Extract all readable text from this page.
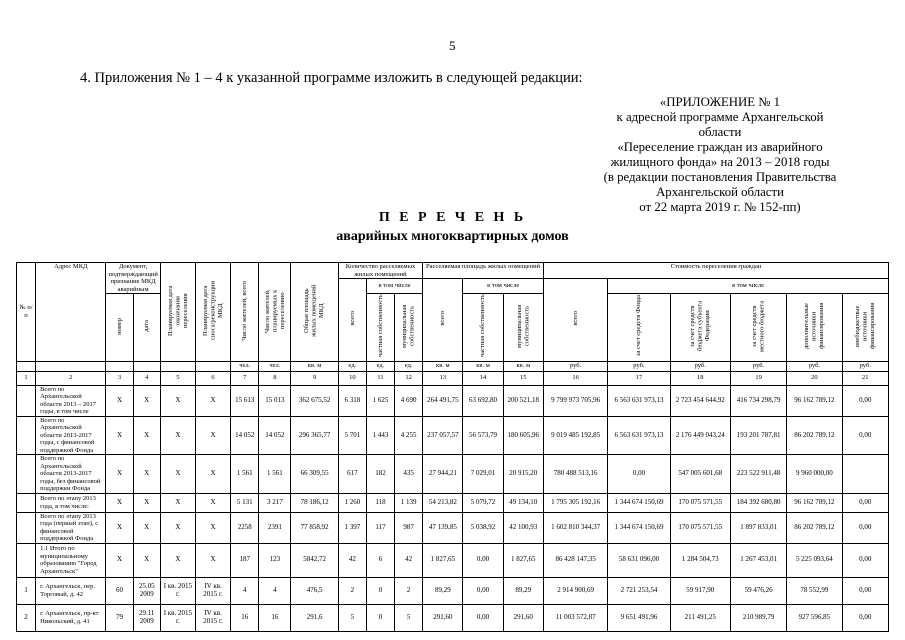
5
4. Приложения № 1 – 4 к указанной программе изложить в следующей редакции:
«ПРИЛОЖЕНИЕ № 1
к адресной программе Архангельской области
«Переселение граждан из аварийного
жилищного фонда» на 2013 – 2018 годы
(в редакции постановления Правительства
Архангельской области
от 22 марта 2019 г. № 152-пп)
П Е Р Е Ч Е Н Ь
аварийных многоквартирных домов
№ п/п	Адрес МКД	Документ, подтверждающий признание МКД аварийным		Планируемая дата окончания переселения	Планируемая дата сноса/реконструкции МКД	Число жителей, всего	Число жителей, планируемых к переселению	Общая площадь жилых помещений МКД	Количество расселяемых жилых помещений			Расселяемая площадь жилых помещений			Стоимость переселения граждан					
									всего	в том числе		всего	в том числе		всего	в том числе				
		номер	дата							частная собственность	муниципальная собственность		частная собственность	муниципальная собственность		за счет средств Фонда	за счет средств бюджета субъекта Федерации	за счет средств местного бюджета	дополнительные источники финансирования	внебюджетные источники финансирования
						чел.	чел.	кв. м	ед.	ед.	ед.	кв. м	кв. м	кв. м	руб.	руб.	руб.	руб.	руб.	руб.
1	2	3	4	5	6	7	8	9	10	11	12	13	14	15	16	17	18	19	20	21
	Всего по Архангельской области 2013 – 2017 годы, в том числе	X	X	X	X	15 613	15 013	362 675,52	6 318	1 625	4 690	264 491,75	63 692,80	200 521,18	9 799 973 705,96	6 563 631 973,13	2 723 454 644,92	416 734 298,79	96 162 789,12	0,00
	Всего по Архангельской области 2013-2017 годы, с финансовой поддержкой Фонда	X	X	X	X	14 052	14 052	296 365,77	5 701	1 443	4 255	237 057,57	56 573,79	180 605,96	9 019 485 192,85	6 563 631 973,13	2 176 449 043,24	193 201 787,81	86 202 789,12	0,00
	Всего по Архангельской области 2013-2017 годы, без финансовой поддержки Фонда	X	X	X	X	1 561	1 561	66 309,55	617	182	435	27 944,21	7 029,01	20 915,20	780 488 513,16	0,00	547 005 601,68	223 522 911,48	9 960 000,00	
	Всего по этапу 2013 года, в том числе:	X	X	X	X	5 131	3 217	78 186,12	1 260	118	1 139	54 213,82	5 079,72	49 134,10	1 795 305 192,16	1 344 674 150,69	170 075 571,55	184 392 680,80	96 162 789,12	0,00
	Всего по этапу 2013 года (первый этап), с финансовой поддержкой Фонда	X	X	X	X	2258	2391	77 858,92	1 397	117	987	47 139,85	5 038,92	42 100,93	1 602 810 344,37	1 344 674 150,69	170 075 571,55	1 897 833,01	86 202 789,12	0,00
	1.1 Итого по муниципальному образованию "Город Архангельск"	X	X	X	X	187	123	5842,72	42	6	42	1 827,65	0,00	1 827,65	86 428 147,35	58 631 096,00	1 284 504,73	1 267 453,01	5 225 093,64	0,00
1	г. Архангельск, пер. Торговый, д. 42	60	25.05 2009	I кв. 2015 г.	IV кв. 2015 г.	4	4	476,5	2	0	2	89,29	0,00	89,29	2 914 900,69	2 721 253,54	59 917,90	59 476,26	78 552,99	0,00
2	г. Архангельск, пр-кт Никольский, д. 41	79	29.11 2009	I кв. 2015 г.	IV кв. 2015 г.	16	16	291,6	5	0	5	291,60	0,00	291,60	11 003 572,87	9 651 491,96	211 491,25	210 989,79	927 596,85	0,00
